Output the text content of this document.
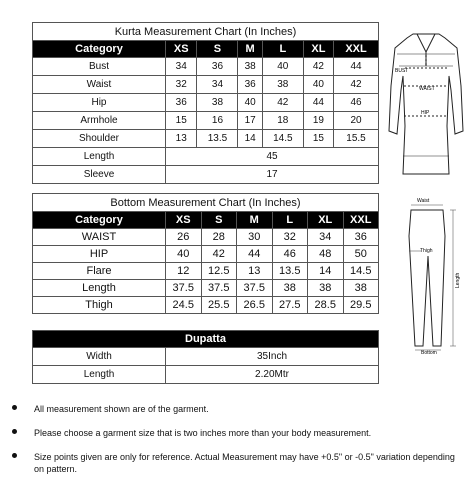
Kurta Measurement Chart (In Inches)						
Category	XS	S	M	L	XL	XXL
Bust	34	36	38	40	42	44
Waist	32	34	36	38	40	42
Hip	36	38	40	42	44	46
Armhole	15	16	17	18	19	20
Shoulder	13	13.5	14	14.5	15	15.5
Length	45					
Sleeve	17					
BUST
WAIST
HIP
Bottom Measurement Chart (In Inches)						
Category	XS	S	M	L	XL	XXL
WAIST	26	28	30	32	34	36
HIP	40	42	44	46	48	50
Flare	12	12.5	13	13.5	14	14.5
Length	37.5	37.5	37.5	38	38	38
Thigh	24.5	25.5	26.5	27.5	28.5	29.5
Waist
Thigh
Length
Bottom
Dupatta	
Width	35Inch
Length	2.20Mtr
All measurement shown are of the garment.
Please choose a garment size that is two inches more than your body measurement.
Size points given are only for reference. Actual Measurement may have +0.5" or -0.5" variation depending on pattern.
